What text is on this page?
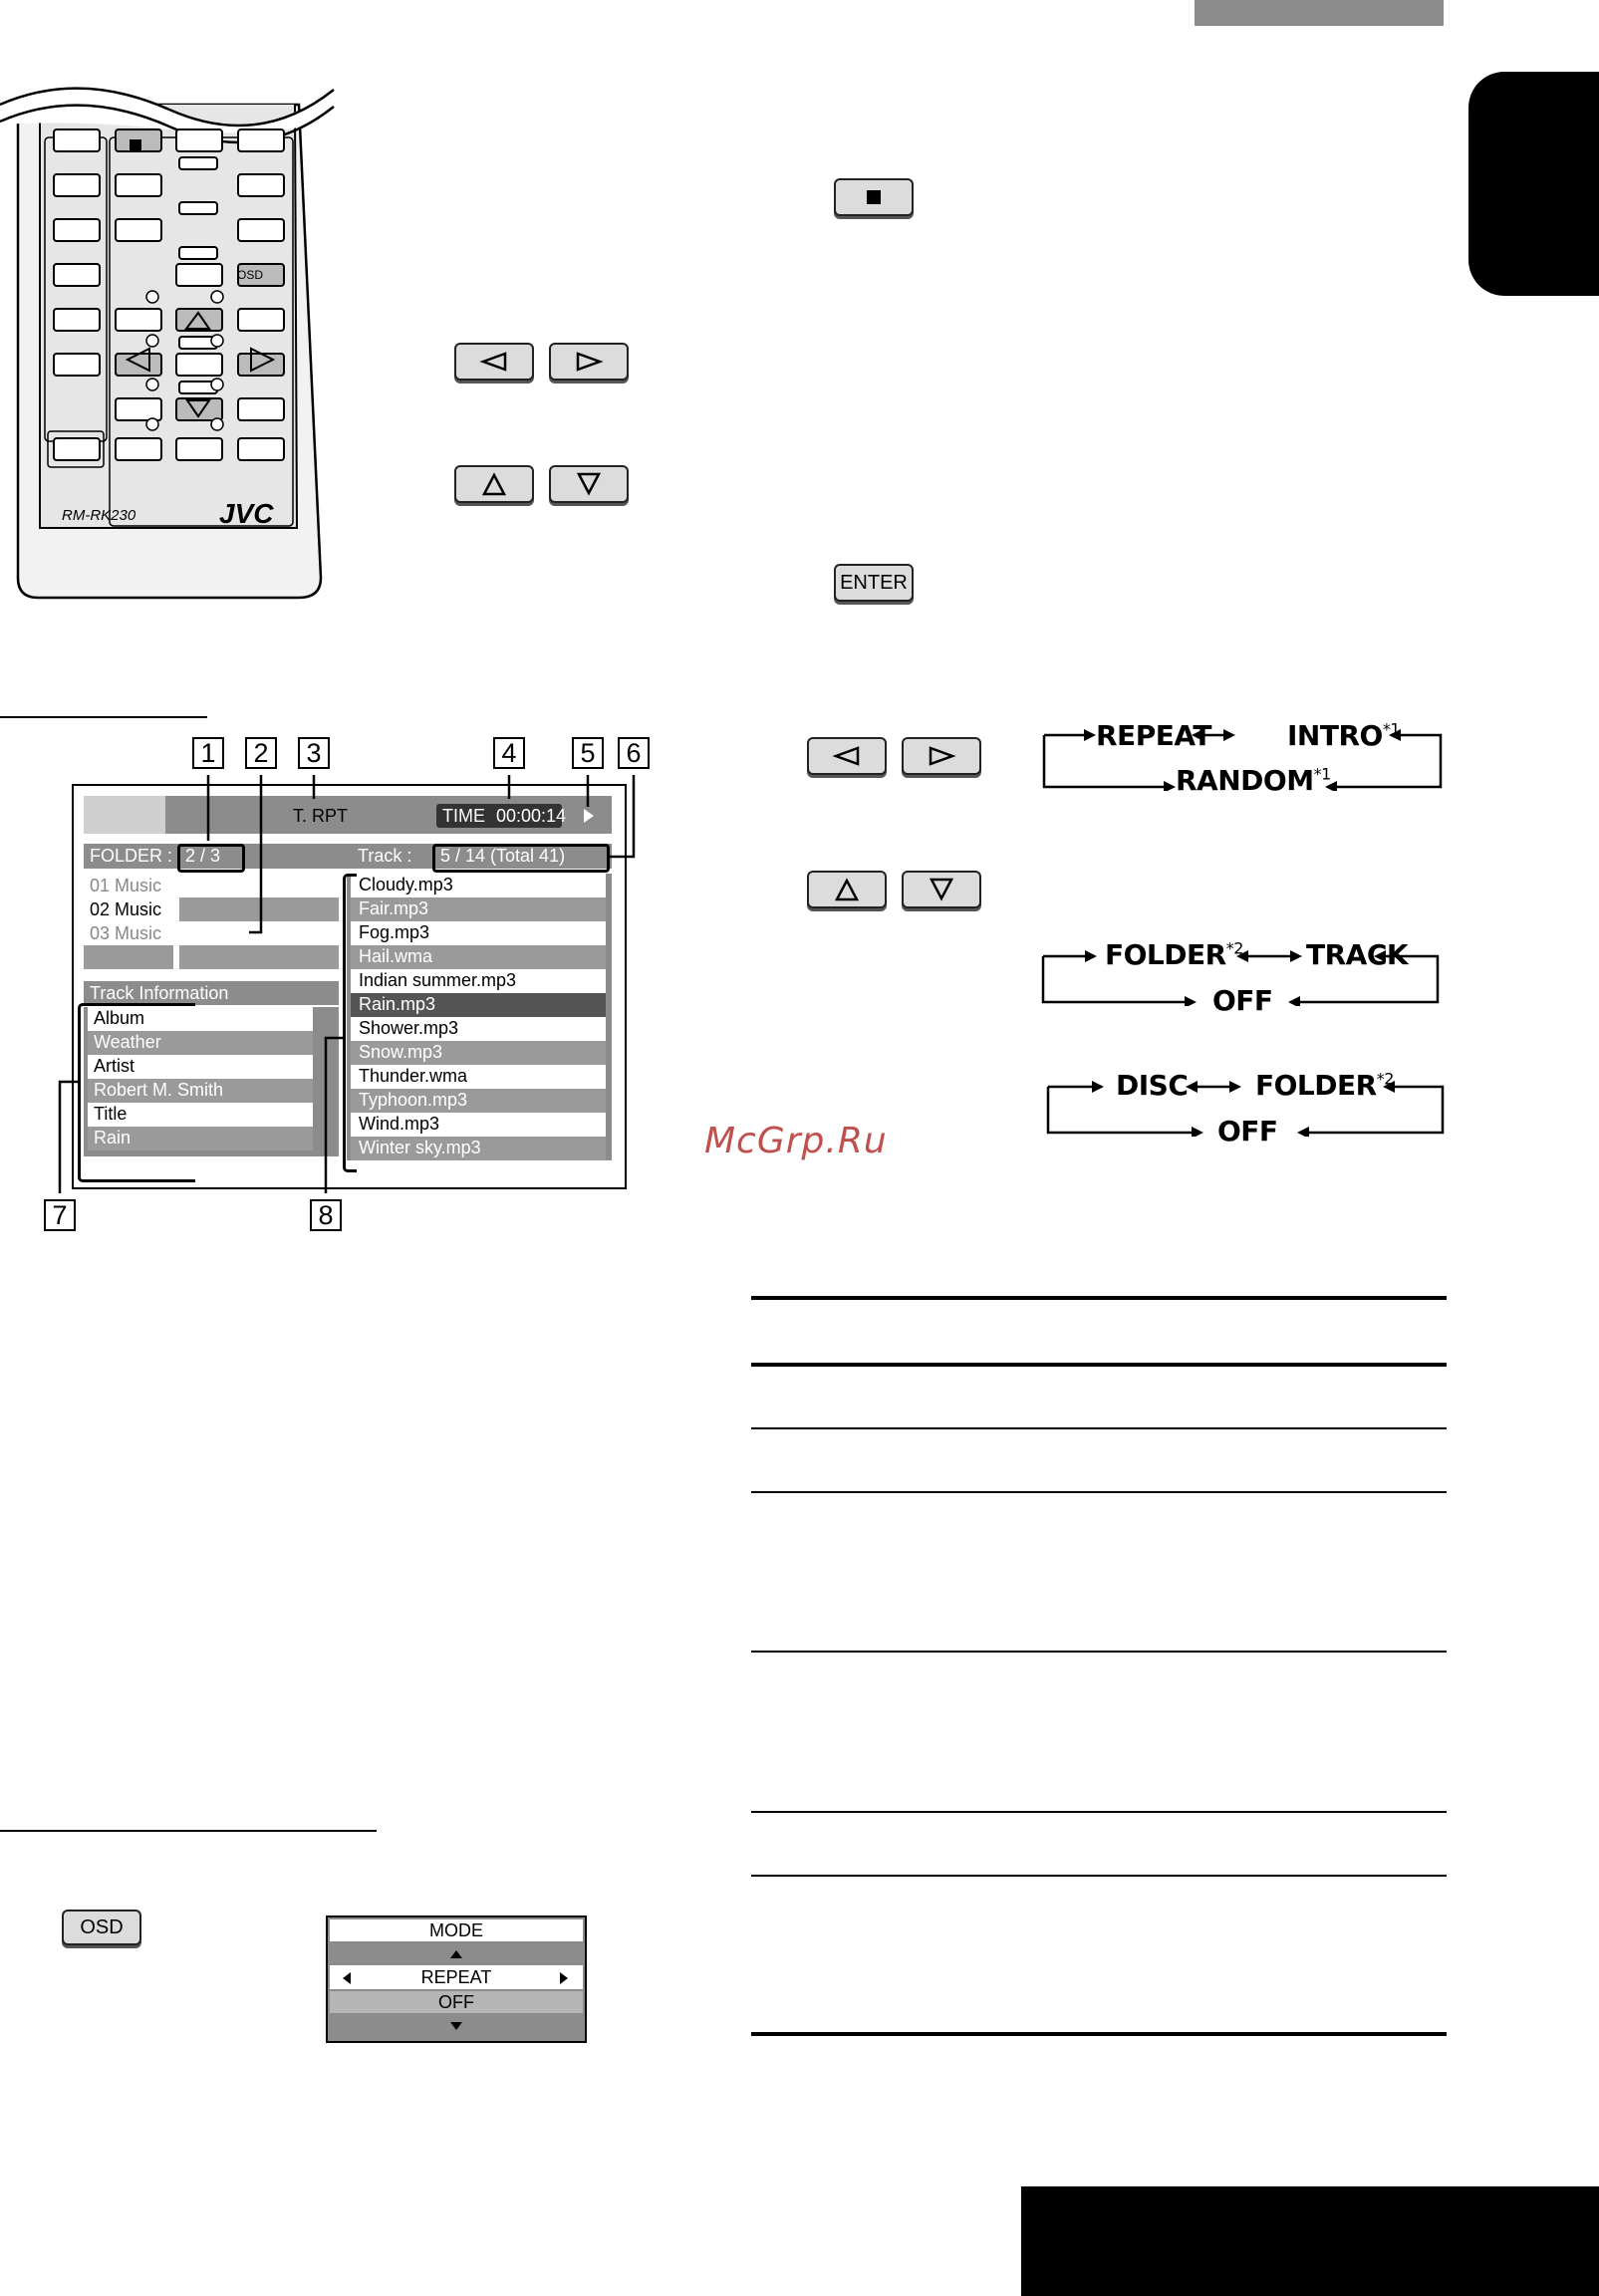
RM-RK230	JVC
OSD
ENTER
REPEAT	INTRO$^{*1}$
RANDOM$^{*1}$
FOLDER$^{*2}$ TRACK
OFF
DISC FOLDER$^{*2}$
OFF
McGrp.Ru
T. RPT	TIME 00:00:14
FOLDER : 2 / 3	Track : 5 / 14 (Total 41)
01 Music
02 Music
03 Music
Track Information
Album
Weather
Artist
Robert M. Smith
Title
Rain
Cloudy.mp3
Fair.mp3
Fog.mp3
Hail.wma
Indian summer.mp3
Rain.mp3
Shower.mp3
Snow.mp3
Thunder.wma
Typhoon.mp3
Wind.mp3
Winter sky.mp3
1	2	3	4	5	6
7	8
OSD	MODE
REPEAT
OFF
